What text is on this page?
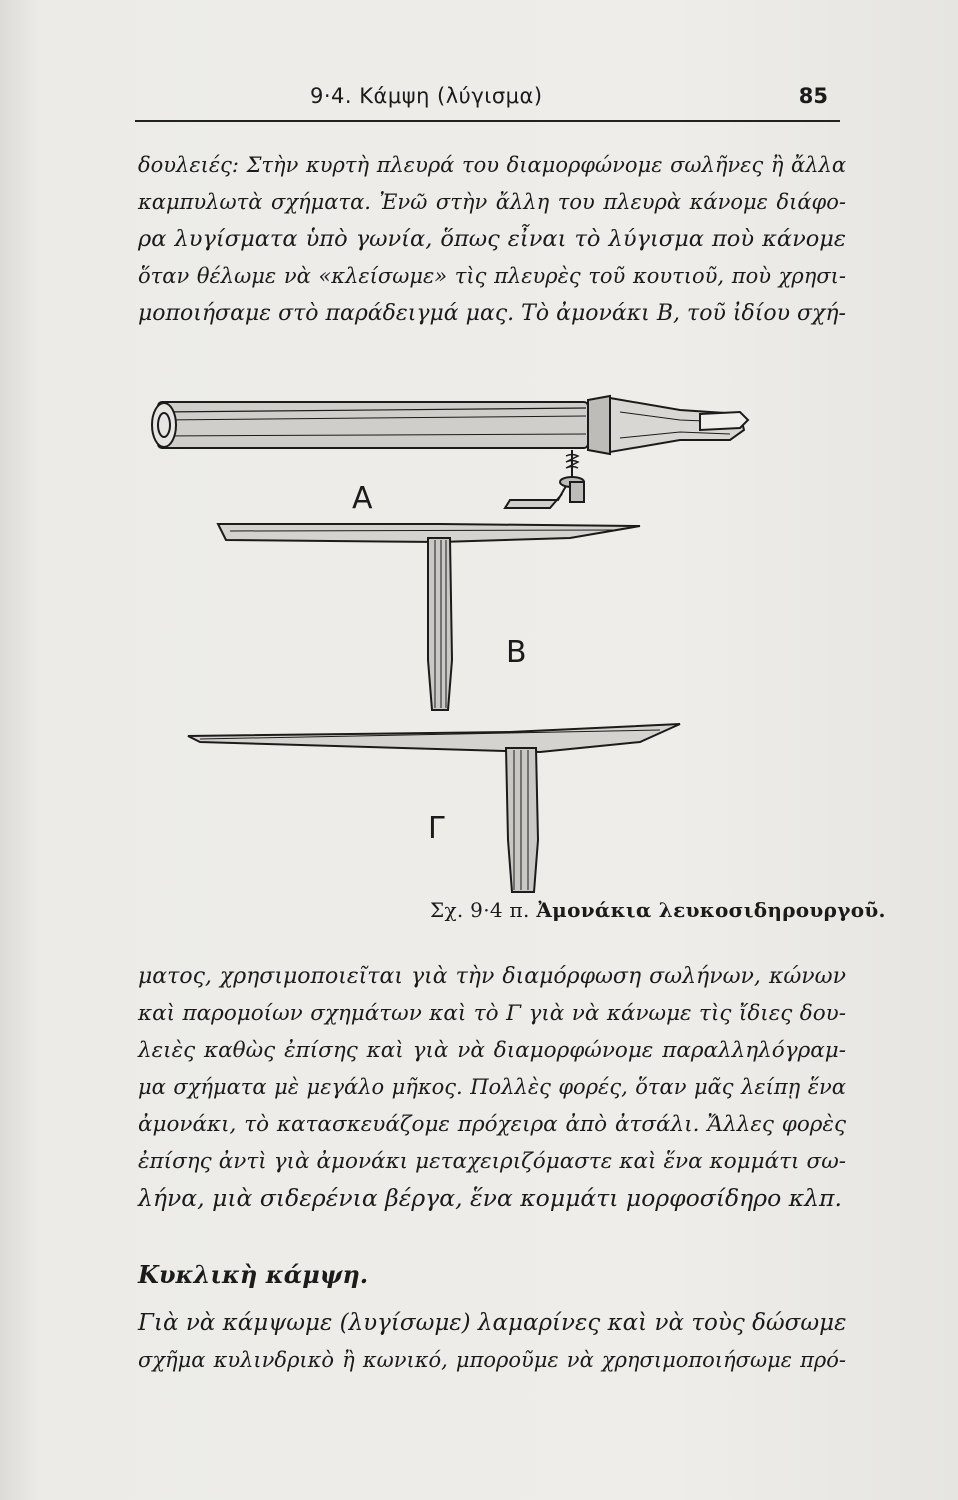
9·4. Κάμψη (λύγισμα)	85
δουλειές: Στὴν κυρτὴ πλευρά του διαμορφώνομε σωλῆνες ἢ ἄλλα
καμπυλωτὰ σχήματα. Ἐνῶ στὴν ἄλλη του πλευρὰ κάνομε διάφο-
ρα λυγίσματα ὑπὸ γωνία, ὅπως εἶναι τὸ λύγισμα ποὺ κάνομε
ὅταν θέλωμε νὰ «κλείσωμε» τὶς πλευρὲς τοῦ κουτιοῦ, ποὺ χρησι-
μοποιήσαμε στὸ παράδειγμά μας. Τὸ ἀμονάκι Β, τοῦ ἰδίου σχή-
Α
Β
Γ
Σχ. 9·4 π. Ἀμονάκια λευκοσιδηρουργοῦ.
ματος, χρησιμοποιεῖται γιὰ τὴν διαμόρφωση σωλήνων, κώνων
καὶ παρομοίων σχημάτων καὶ τὸ Γ γιὰ νὰ κάνωμε τὶς ἴδιες δου-
λειὲς καθὼς ἐπίσης καὶ γιὰ νὰ διαμορφώνομε παραλληλόγραμ-
μα σχήματα μὲ μεγάλο μῆκος. Πολλὲς φορές, ὅταν μᾶς λείπῃ ἕνα
ἀμονάκι, τὸ κατασκευάζομε πρόχειρα ἀπὸ ἀτσάλι. Ἄλλες φορὲς
ἐπίσης ἀντὶ γιὰ ἀμονάκι μεταχειριζόμαστε καὶ ἕνα κομμάτι σω-
λήνα, μιὰ σιδερένια βέργα, ἕνα κομμάτι μορφοσίδηρο κλπ.
Κυκλικὴ κάμψη.
Γιὰ νὰ κάμψωμε (λυγίσωμε) λαμαρίνες καὶ νὰ τοὺς δώσωμε
σχῆμα κυλινδρικὸ ἢ κωνικό, μποροῦμε νὰ χρησιμοποιήσωμε πρό-
